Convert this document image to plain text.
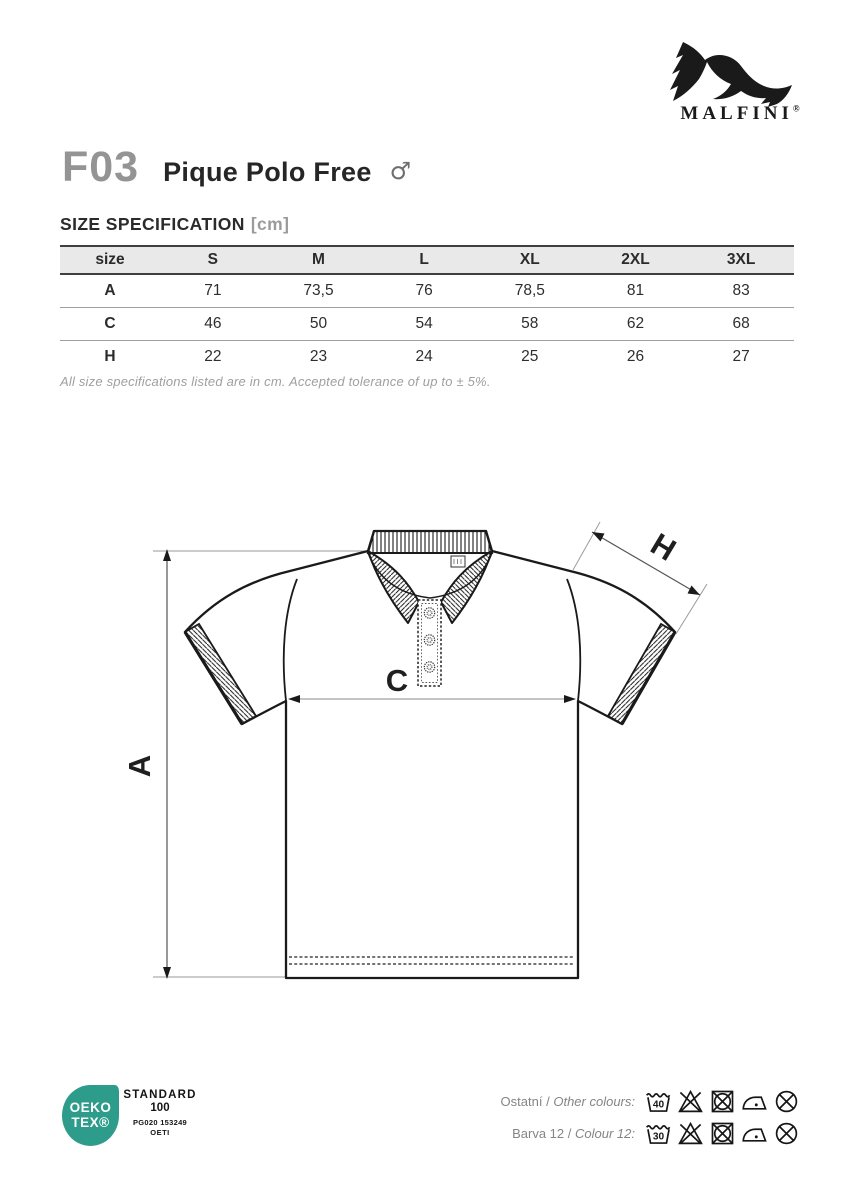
A
C
H
MALFINI®
F03 Pique Polo Free ♂
SIZE SPECIFICATION [cm]
size	S	M	L	XL	2XL	3XL
A	71	73,5	76	78,5	81	83
C	46	50	54	58	62	68
H	22	23	24	25	26	27
All size specifications listed are in cm. Accepted tolerance of up to ± 5%.
OEKO
TEX®
STANDARD
100
PG020 153249
OETI
Ostatní / Other colours: 40
Barva 12 / Colour 12: 30
